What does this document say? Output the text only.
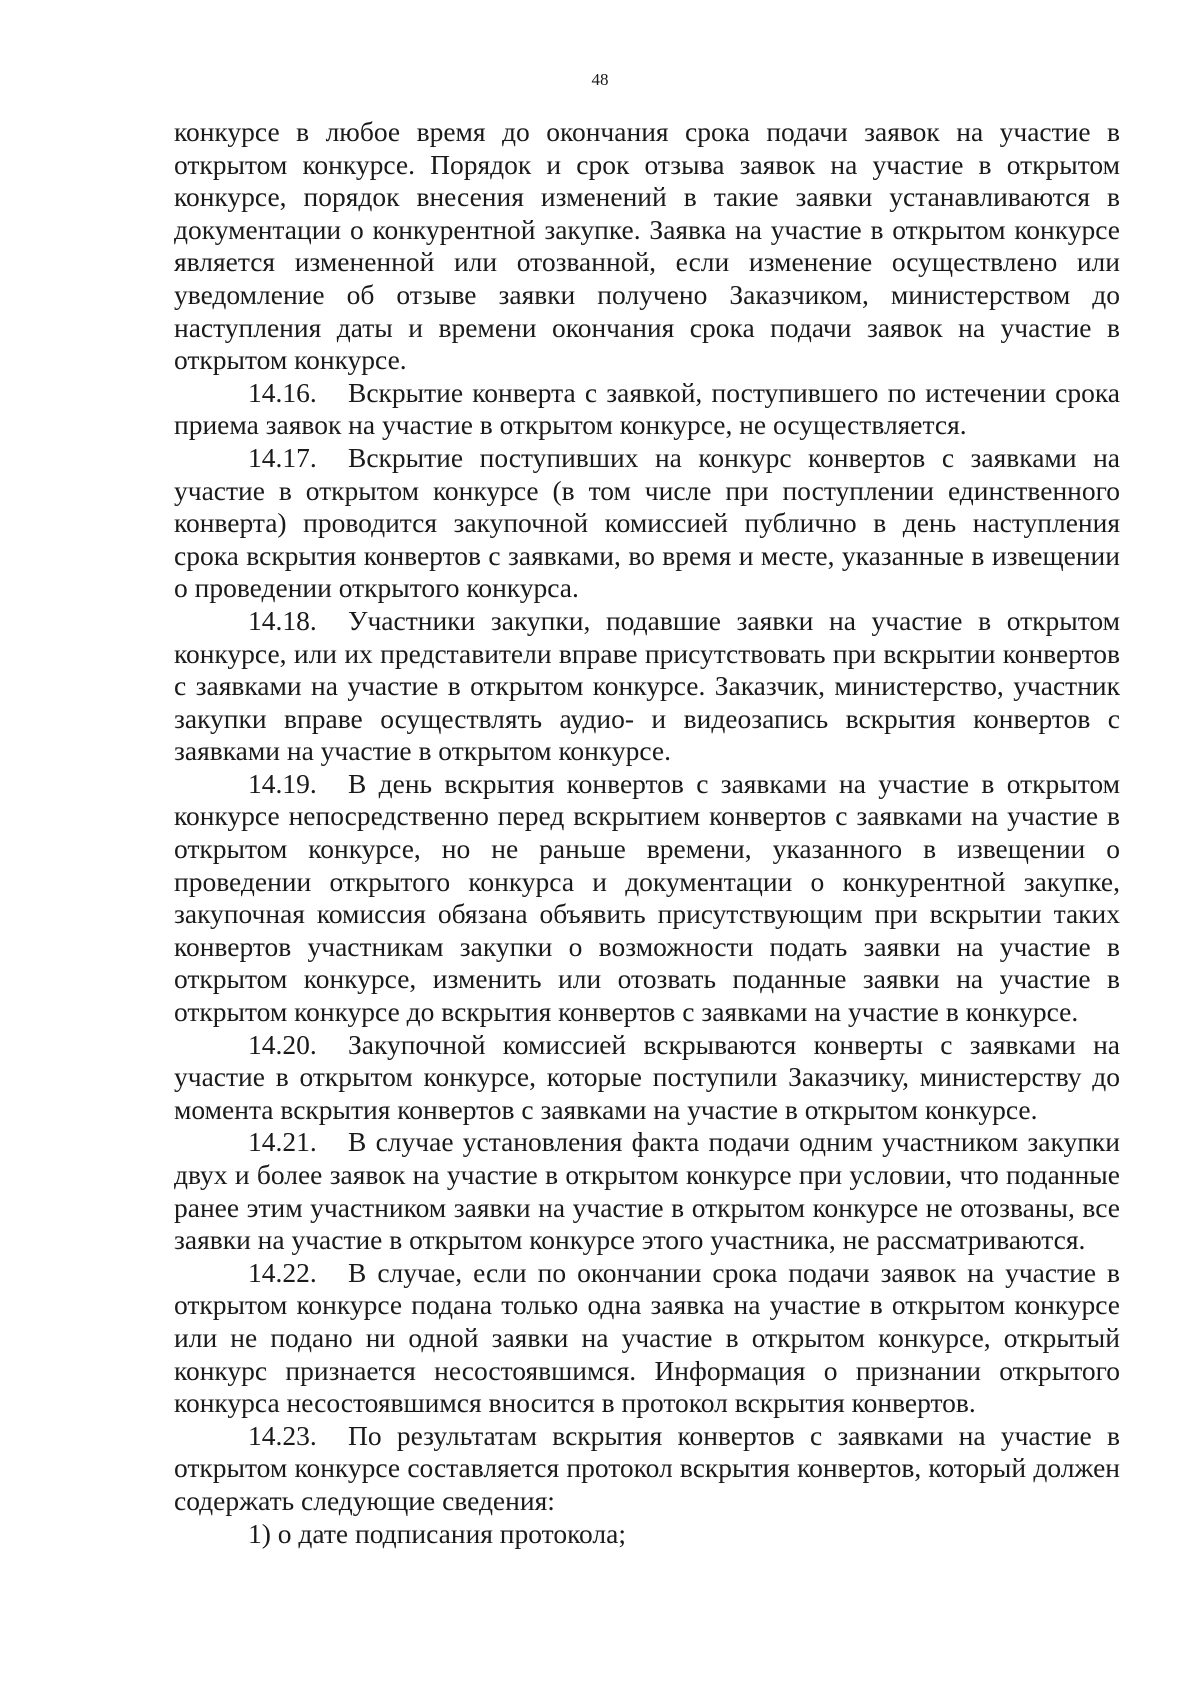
48

конкурсе в любое время до окончания срока подачи заявок на участие в открытом конкурсе. Порядок и срок отзыва заявок на участие в открытом конкурсе, порядок внесения изменений в такие заявки устанавливаются в документации о конкурентной закупке. Заявка на участие в открытом конкурсе является измененной или отозванной, если изменение осуществлено или уведомление об отзыве заявки получено Заказчиком, министерством до наступления даты и времени окончания срока подачи заявок на участие в открытом конкурсе.

14.16. Вскрытие конверта с заявкой, поступившего по истечении срока приема заявок на участие в открытом конкурсе, не осуществляется.

14.17. Вскрытие поступивших на конкурс конвертов с заявками на участие в открытом конкурсе (в том числе при поступлении единственного конверта) проводится закупочной комиссией публично в день наступления срока вскрытия конвертов с заявками, во время и месте, указанные в извещении о проведении открытого конкурса.

14.18. Участники закупки, подавшие заявки на участие в открытом конкурсе, или их представители вправе присутствовать при вскрытии конвертов с заявками на участие в открытом конкурсе. Заказчик, министерство, участник закупки вправе осуществлять аудио- и видеозапись вскрытия конвертов с заявками на участие в открытом конкурсе.

14.19. В день вскрытия конвертов с заявками на участие в открытом конкурсе непосредственно перед вскрытием конвертов с заявками на участие в открытом конкурсе, но не раньше времени, указанного в извещении о проведении открытого конкурса и документации о конкурентной закупке, закупочная комиссия обязана объявить присутствующим при вскрытии таких конвертов участникам закупки о возможности подать заявки на участие в открытом конкурсе, изменить или отозвать поданные заявки на участие в открытом конкурсе до вскрытия конвертов с заявками на участие в конкурсе.

14.20. Закупочной комиссией вскрываются конверты с заявками на участие в открытом конкурсе, которые поступили Заказчику, министерству до момента вскрытия конвертов с заявками на участие в открытом конкурсе.

14.21. В случае установления факта подачи одним участником закупки двух и более заявок на участие в открытом конкурсе при условии, что поданные ранее этим участником заявки на участие в открытом конкурсе не отозваны, все заявки на участие в открытом конкурсе этого участника, не рассматриваются.

14.22. В случае, если по окончании срока подачи заявок на участие в открытом конкурсе подана только одна заявка на участие в открытом конкурсе или не подано ни одной заявки на участие в открытом конкурсе, открытый конкурс признается несостоявшимся. Информация о признании открытого конкурса несостоявшимся вносится в протокол вскрытия конвертов.

14.23. По результатам вскрытия конвертов с заявками на участие в открытом конкурсе составляется протокол вскрытия конвертов, который должен содержать следующие сведения:

1) о дате подписания протокола;
